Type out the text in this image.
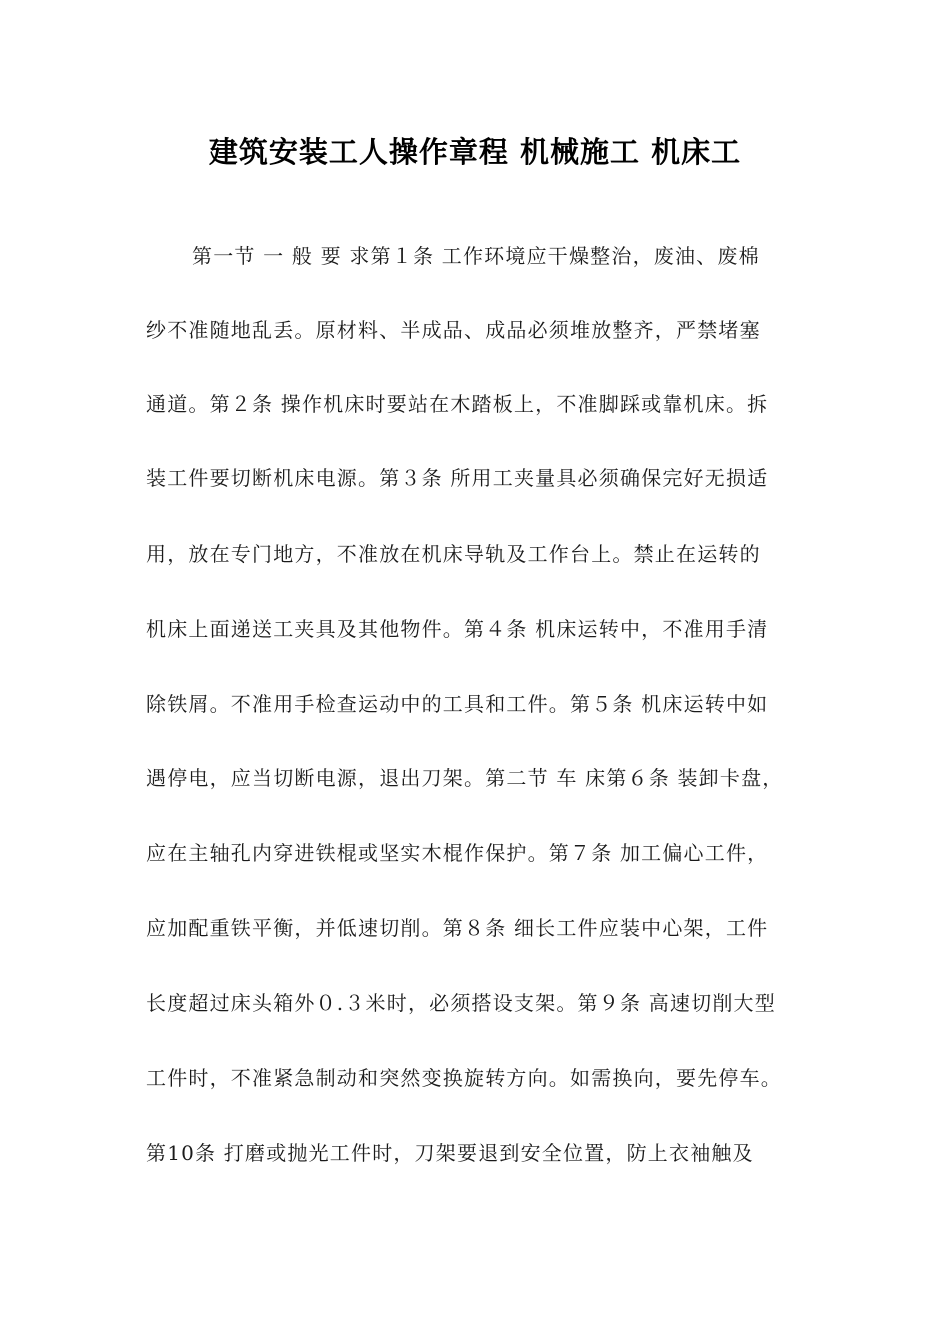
建筑安装工人操作章程 机械施工 机床工
第一节 一 般 要 求第１条 工作环境应干燥整治，废油、废棉
纱不准随地乱丢。原材料、半成品、成品必须堆放整齐，严禁堵塞
通道。第２条 操作机床时要站在木踏板上，不准脚踩或靠机床。拆
装工件要切断机床电源。第３条 所用工夹量具必须确保完好无损适
用，放在专门地方，不准放在机床导轨及工作台上。禁止在运转的
机床上面递送工夹具及其他物件。第４条 机床运转中，不准用手清
除铁屑。不准用手检查运动中的工具和工件。第５条 机床运转中如
遇停电，应当切断电源，退出刀架。第二节 车 床第６条 装卸卡盘，
应在主轴孔内穿进铁棍或坚实木棍作保护。第７条 加工偏心工件，
应加配重铁平衡，并低速切削。第８条 细长工件应装中心架，工件
长度超过床头箱外０.３米时，必须搭设支架。第９条 高速切削大型
工件时，不准紧急制动和突然变换旋转方向。如需换向，要先停车。
第10条 打磨或抛光工件时，刀架要退到安全位置，防上衣袖触及
